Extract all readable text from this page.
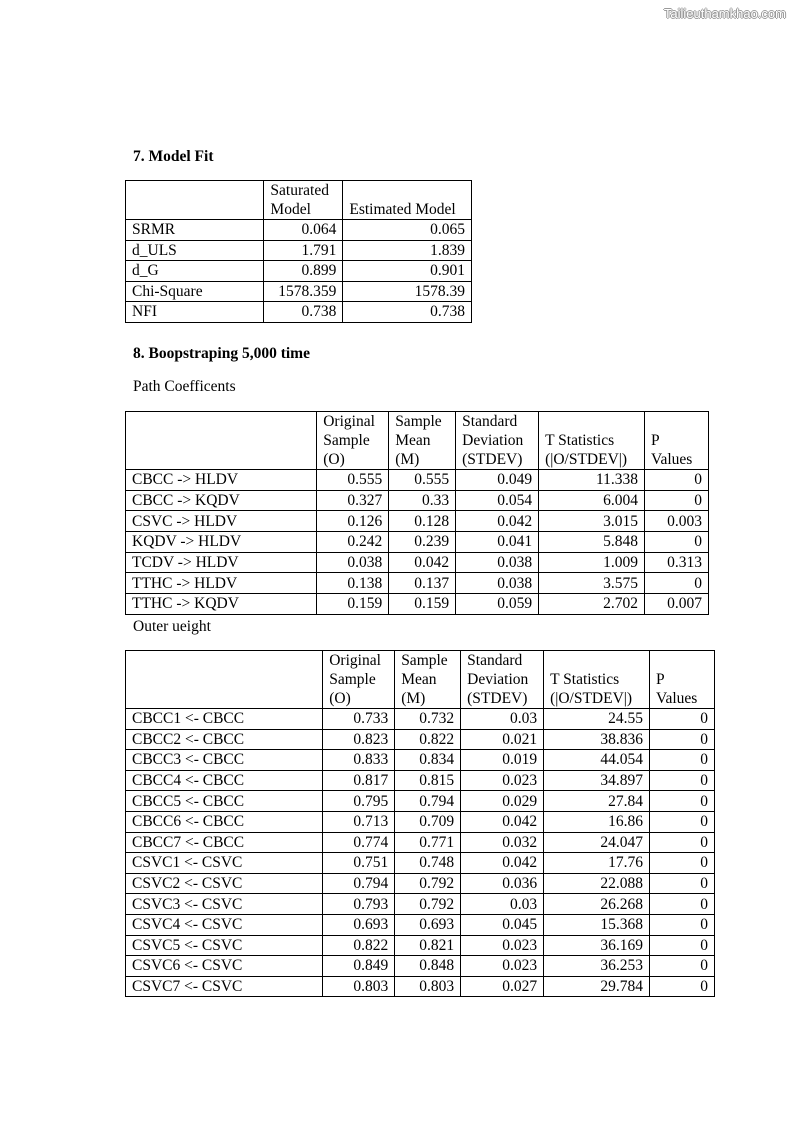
Tailieuthamkhao.com
7. Model Fit
	Saturated Model	Estimated Model
SRMR	0.064	0.065
d_ULS	1.791	1.839
d_G	0.899	0.901
Chi-Square	1578.359	1578.39
NFI	0.738	0.738
8. Boopstraping 5,000 time
Path Coefficents
	Original Sample (O)	Sample Mean (M)	Standard Deviation (STDEV)	T Statistics (|O/STDEV|)	P Values
CBCC -> HLDV	0.555	0.555	0.049	11.338	0
CBCC -> KQDV	0.327	0.33	0.054	6.004	0
CSVC -> HLDV	0.126	0.128	0.042	3.015	0.003
KQDV -> HLDV	0.242	0.239	0.041	5.848	0
TCDV -> HLDV	0.038	0.042	0.038	1.009	0.313
TTHC -> HLDV	0.138	0.137	0.038	3.575	0
TTHC -> KQDV	0.159	0.159	0.059	2.702	0.007
Outer ueight
	Original Sample (O)	Sample Mean (M)	Standard Deviation (STDEV)	T Statistics (|O/STDEV|)	P Values
CBCC1 <- CBCC	0.733	0.732	0.03	24.55	0
CBCC2 <- CBCC	0.823	0.822	0.021	38.836	0
CBCC3 <- CBCC	0.833	0.834	0.019	44.054	0
CBCC4 <- CBCC	0.817	0.815	0.023	34.897	0
CBCC5 <- CBCC	0.795	0.794	0.029	27.84	0
CBCC6 <- CBCC	0.713	0.709	0.042	16.86	0
CBCC7 <- CBCC	0.774	0.771	0.032	24.047	0
CSVC1 <- CSVC	0.751	0.748	0.042	17.76	0
CSVC2 <- CSVC	0.794	0.792	0.036	22.088	0
CSVC3 <- CSVC	0.793	0.792	0.03	26.268	0
CSVC4 <- CSVC	0.693	0.693	0.045	15.368	0
CSVC5 <- CSVC	0.822	0.821	0.023	36.169	0
CSVC6 <- CSVC	0.849	0.848	0.023	36.253	0
CSVC7 <- CSVC	0.803	0.803	0.027	29.784	0
